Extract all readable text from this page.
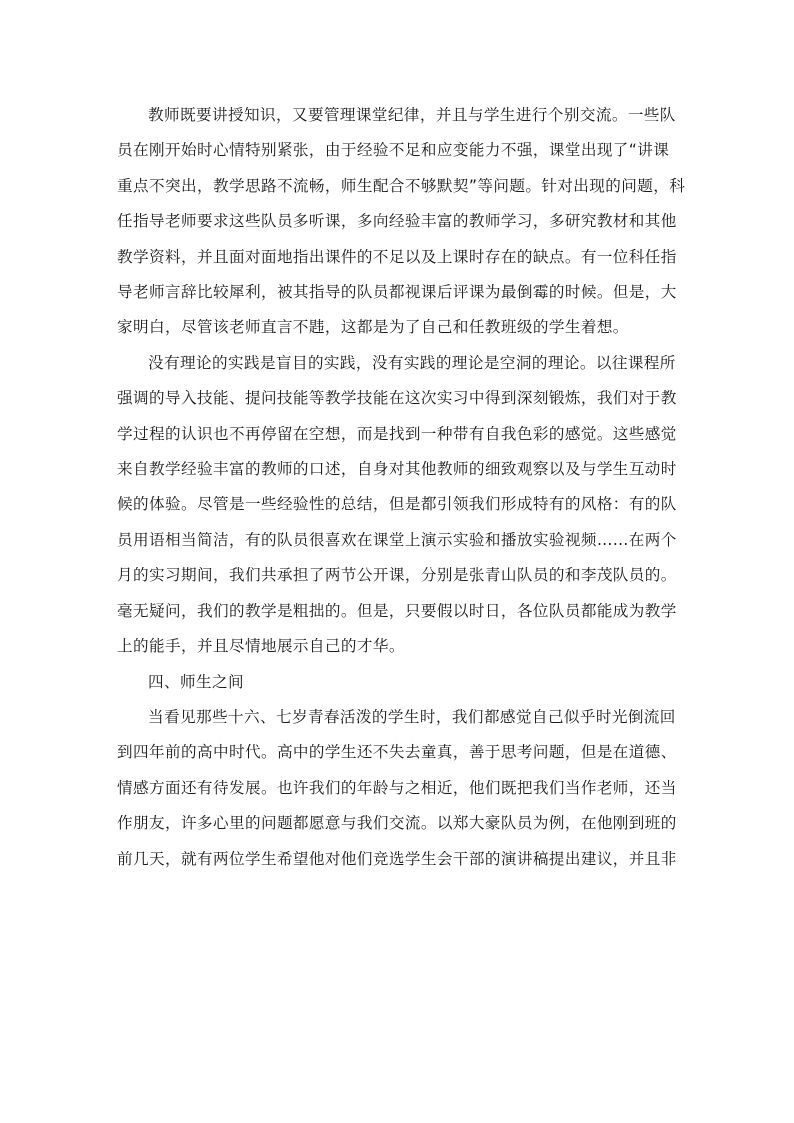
教师既要讲授知识，又要管理课堂纪律，并且与学生进行个别交流。一些队
员在刚开始时心情特别紧张，由于经验不足和应变能力不强，课堂出现了“讲课
重点不突出，教学思路不流畅，师生配合不够默契”等问题。针对出现的问题，科
任指导老师要求这些队员多听课，多向经验丰富的教师学习，多研究教材和其他
教学资料，并且面对面地指出课件的不足以及上课时存在的缺点。有一位科任指
导老师言辞比较犀利，被其指导的队员都视课后评课为最倒霉的时候。但是，大
家明白，尽管该老师直言不韪，这都是为了自己和任教班级的学生着想。

没有理论的实践是盲目的实践，没有实践的理论是空洞的理论。以往课程所
强调的导入技能、提问技能等教学技能在这次实习中得到深刻锻炼，我们对于教
学过程的认识也不再停留在空想，而是找到一种带有自我色彩的感觉。这些感觉
来自教学经验丰富的教师的口述，自身对其他教师的细致观察以及与学生互动时
候的体验。尽管是一些经验性的总结，但是都引领我们形成特有的风格：有的队
员用语相当简洁，有的队员很喜欢在课堂上演示实验和播放实验视频……在两个
月的实习期间，我们共承担了两节公开课，分别是张青山队员的和李茂队员的。
毫无疑问，我们的教学是粗拙的。但是，只要假以时日，各位队员都能成为教学
上的能手，并且尽情地展示自己的才华。

四、师生之间

当看见那些十六、七岁青春活泼的学生时，我们都感觉自己似乎时光倒流回
到四年前的高中时代。高中的学生还不失去童真，善于思考问题，但是在道德、
情感方面还有待发展。也许我们的年龄与之相近，他们既把我们当作老师，还当
作朋友，许多心里的问题都愿意与我们交流。以郑大豪队员为例，在他刚到班的
前几天，就有两位学生希望他对他们竞选学生会干部的演讲稿提出建议，并且非
